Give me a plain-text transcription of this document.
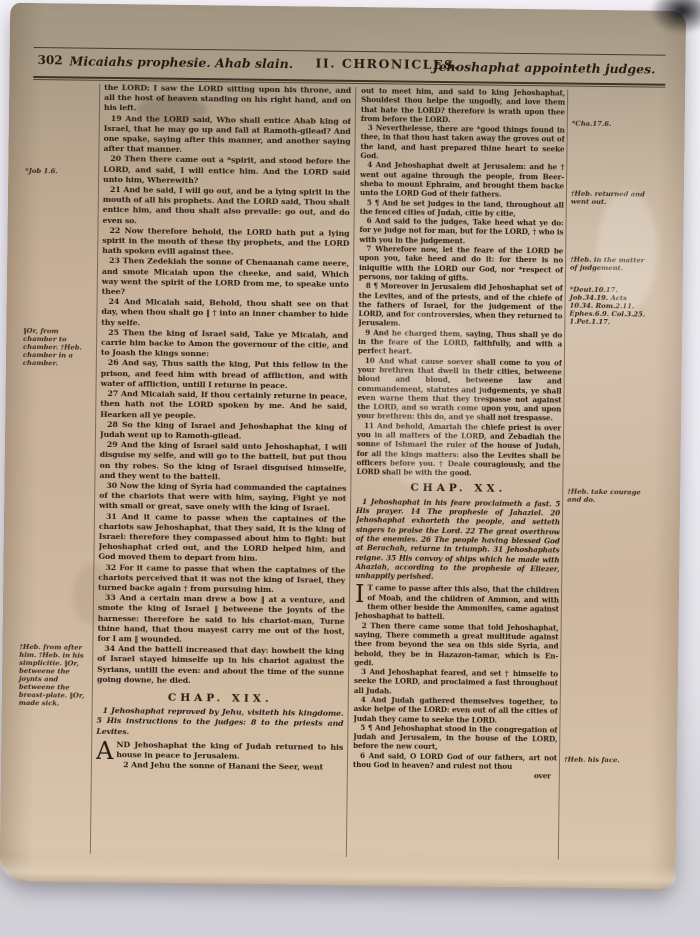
302 Micaiahs prophesie. Ahab slain. II. CHRONICLES.
Jehoshaphat appointeth judges.
*Job 1.6.
‖Or, from chamber to chamber. †Heb. chamber in a chamber.
†Heb. from after him. †Heb. in his simplicitie. ‖Or, betweene the joynts and betweene the breast-plate. ‖Or, made sick.
*Cha.17.6.
†Heb. returned and went out.
†Heb. in the matter of judgement.
*Deut.10.17. Job.34.19. Acts 10.34. Rom.2.11. Ephes.6.9. Col.3.25. 1.Pet.1.17.
†Heb. take courage and do.
†Heb. his face.

the LORD; I saw the LORD sitting upon his throne, and all the host of heaven standing on his right hand, and on his left.

19 And the LORD said, Who shall entice Ahab king of Israel, that he may go up and fall at Ramoth-gilead? And one spake, saying after this manner, and another saying after that manner.

20 Then there came out a *spirit, and stood before the LORD, and said, I will entice him. And the LORD said unto him, Wherewith?

21 And he said, I will go out, and be a lying spirit in the mouth of all his prophets. And the LORD said, Thou shalt entice him, and thou shalt also prevaile: go out, and do even so.

22 Now therefore behold, the LORD hath put a lying spirit in the mouth of these thy prophets, and the LORD hath spoken evill against thee.

23 Then Zedekiah the sonne of Chenaanah came neere, and smote Micaiah upon the cheeke, and said, Which way went the spirit of the LORD from me, to speake unto thee?

24 And Micaiah said, Behold, thou shalt see on that day, when thou shalt go ‖ † into an inner chamber to hide thy selfe.

25 Then the king of Israel said, Take ye Micaiah, and carrie him backe to Amon the governour of the citie, and to Joash the kings sonne:

26 And say, Thus saith the king, Put this fellow in the prison, and feed him with bread of affliction, and with water of affliction, untill I returne in peace.

27 And Micaiah said, If thou certainly returne in peace, then hath not the LORD spoken by me. And he said, Hearken all ye people.

28 So the king of Israel and Jehoshaphat the king of Judah went up to Ramoth-gilead.

29 And the king of Israel said unto Jehoshaphat, I will disguise my selfe, and will go to the battell, but put thou on thy robes. So the king of Israel disguised himselfe, and they went to the battell.

30 Now the king of Syria had commanded the captaines of the chariots that were with him, saying, Fight ye not with small or great, save onely with the king of Israel.

31 And it came to passe when the captaines of the chariots saw Jehoshaphat, that they said, It is the king of Israel: therefore they compassed about him to fight: but Jehoshaphat cried out, and the LORD helped him, and God moved them to depart from him.

32 For it came to passe that when the captaines of the chariots perceived that it was not the king of Israel, they turned backe again † from pursuing him.

33 And a certain man drew a bow ‖ at a venture, and smote the king of Israel ‖ betweene the joynts of the harnesse: therefore he said to his chariot-man, Turne thine hand, that thou mayest carry me out of the host, for I am ‖ wounded.

34 And the battell increased that day: howbeit the king of Israel stayed himselfe up in his chariot against the Syrians, untill the even: and about the time of the sunne going downe, he died.

CHAP. XIX.

1 Jehoshaphat reproved by Jehu, visiteth his kingdome. 5 His instructions to the judges: 8 to the priests and Levites.

AND Jehoshaphat the king of Judah returned to his house in peace to Jerusalem.

2 And Jehu the sonne of Hanani the Seer, went

out to meet him, and said to king Jehoshaphat, Shouldest thou helpe the ungodly, and love them that hate the LORD? therefore is wrath upon thee from before the LORD.

3 Neverthelesse, there are *good things found in thee, in that thou hast taken away the groves out of the land, and hast prepared thine heart to seeke God.

4 And Jehoshaphat dwelt at Jerusalem: and he † went out againe through the people, from Beer-sheba to mount Ephraim, and brought them backe unto the LORD God of their fathers.

5 ¶ And he set judges in the land, throughout all the fenced cities of Judah, citie by citie,

6 And said to the judges, Take heed what ye do: for ye judge not for man, but for the LORD, † who is with you in the judgement.

7 Wherefore now, let the feare of the LORD be upon you, take heed and do it: for there is no iniquitie with the LORD our God, nor *respect of persons, nor taking of gifts.

8 ¶ Moreover in Jerusalem did Jehoshaphat set of the Levites, and of the priests, and of the chiefe of the fathers of Israel, for the judgement of the LORD, and for controversies, when they returned to Jerusalem.

9 And he charged them, saying, Thus shall ye do in the feare of the LORD, faithfully, and with a perfect heart.

10 And what cause soever shall come to you of your brethren that dwell in their cities, betweene bloud and bloud, betweene law and commandement, statutes and judgements, ye shall even warne them that they trespasse not against the LORD, and so wrath come upon you, and upon your brethren: this do, and ye shall not trespasse.

11 And behold, Amariah the chiefe priest is over you in all matters of the LORD, and Zebadiah the sonne of Ishmael the ruler of the house of Judah, for all the kings matters: also the Levites shall be officers before you. † Deale couragiously, and the LORD shall be with the good.

CHAP. XX.

1 Jehoshaphat in his feare proclaimeth a fast. 5 His prayer. 14 The prophesie of Jahaziel. 20 Jehoshaphat exhorteth the people, and setteth singers to praise the Lord. 22 The great overthrow of the enemies. 26 The people having blessed God at Berachah, returne in triumph. 31 Jehoshaphats reigne. 35 His convoy of ships which he made with Ahaziah, according to the prophesie of Eliezer, unhappily perished.

I T came to passe after this also, that the children of Moab, and the children of Ammon, and with them other beside the Ammonites, came against Jehoshaphat to battell.

2 Then there came some that told Jehoshaphat, saying, There commeth a great multitude against thee from beyond the sea on this side Syria, and behold, they be in Hazazon-tamar, which is En-gedi.

3 And Jehoshaphat feared, and set † himselfe to seeke the LORD, and proclaimed a fast throughout all Judah.

4 And Judah gathered themselves together, to aske helpe of the LORD: even out of all the cities of Judah they came to seeke the LORD.

5 ¶ And Jehoshaphat stood in the congregation of Judah and Jerusalem, in the house of the LORD, before the new court,

6 And said, O LORD God of our fathers, art not thou God in heaven? and rulest not thou

over
